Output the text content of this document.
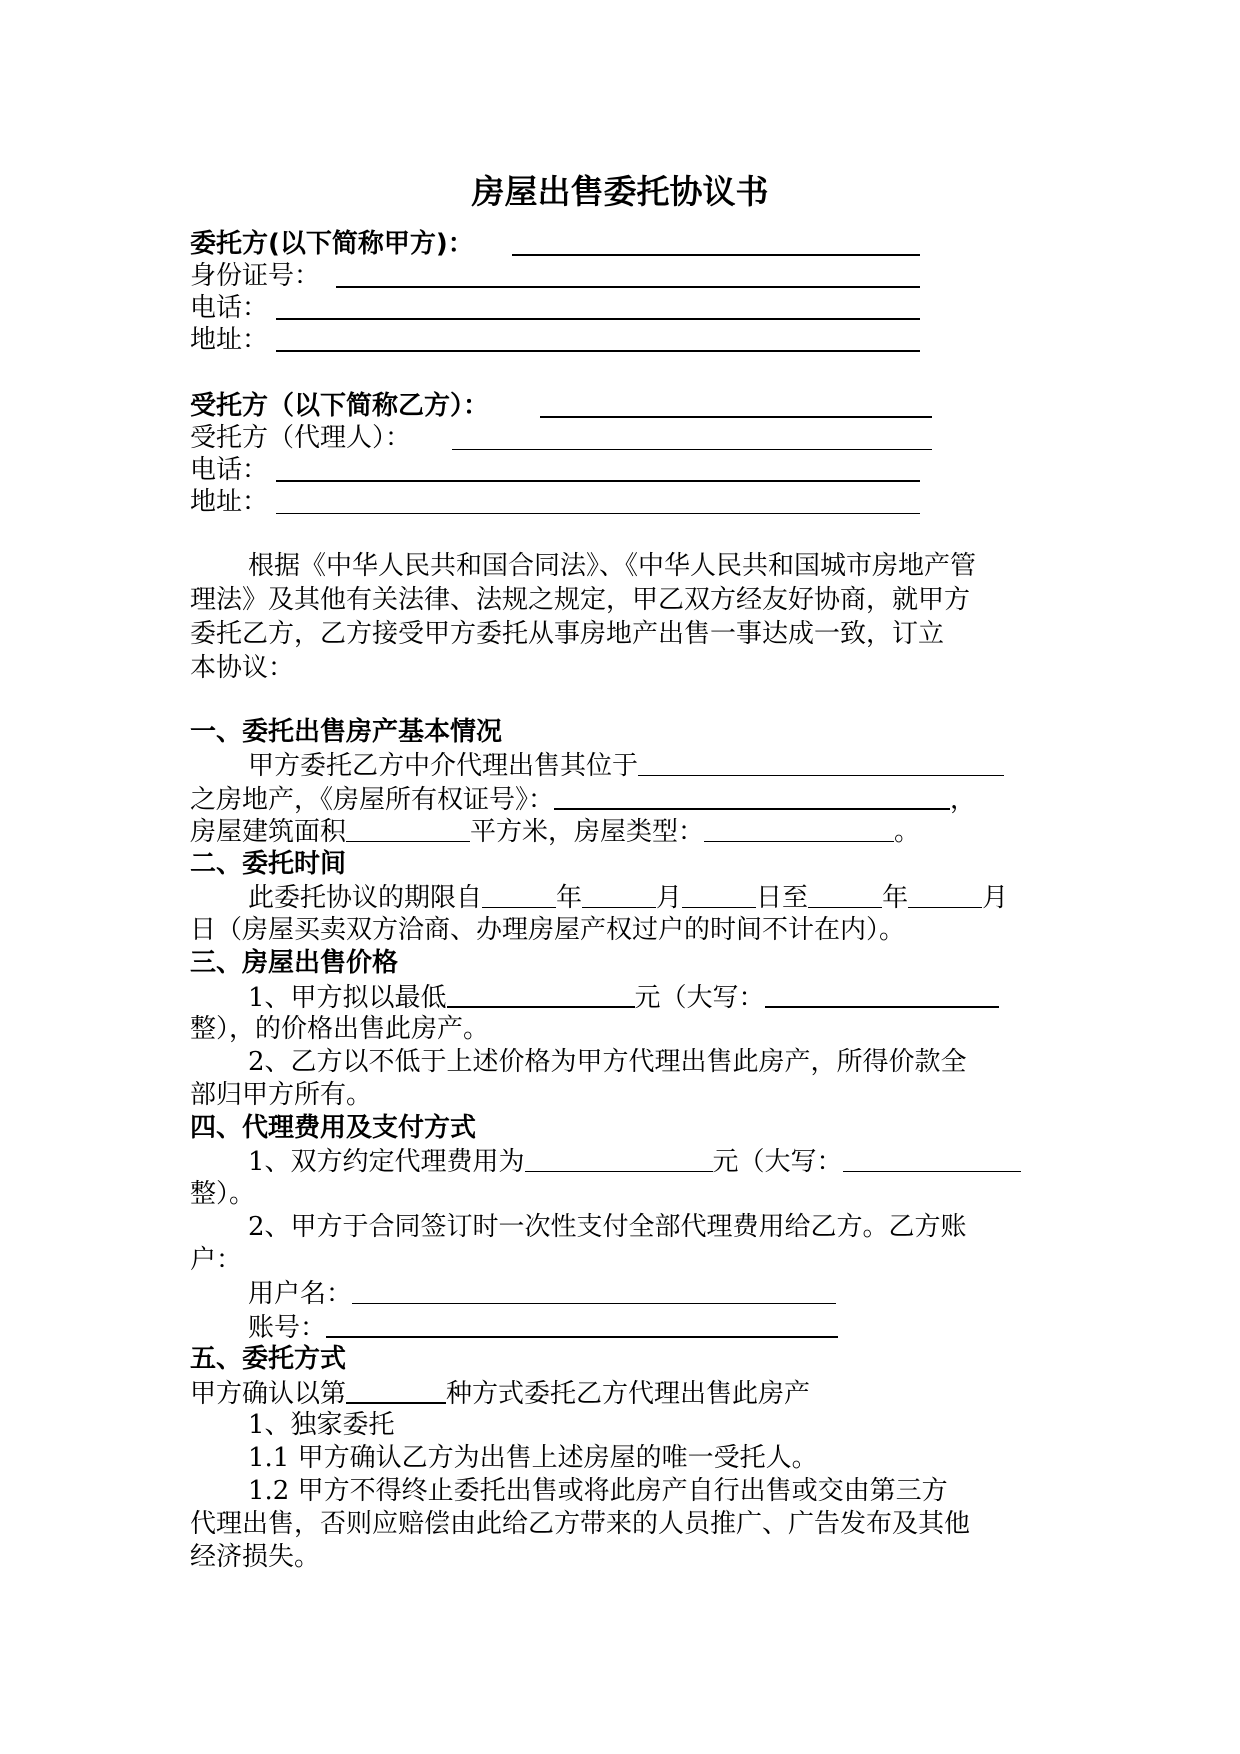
房屋出售委托协议书
委托方(以下简称甲方)：
身份证号：
电话：
地址：
受托方（以下简称乙方）：
受托方（代理人）：
电话：
地址：
根据《中华人民共和国合同法》、《中华人民共和国城市房地产管
理法》及其他有关法律、法规之规定，甲乙双方经友好协商，就甲方
委托乙方，乙方接受甲方委托从事房地产出售一事达成一致，订立
本协议：
一、委托出售房产基本情况
甲方委托乙方中介代理出售其位于
之房地产，《房屋所有权证号》：	，
房屋建筑面积	平方米，房屋类型：	。
二、委托时间
此委托协议的期限自	年	月	日至	年	月
日（房屋买卖双方洽商、办理房屋产权过户的时间不计在内）。
三、房屋出售价格
1、甲方拟以最低	元（大写：
整），的价格出售此房产。
2、乙方以不低于上述价格为甲方代理出售此房产，所得价款全
部归甲方所有。
四、代理费用及支付方式
1、双方约定代理费用为	元（大写：
整）。
2、甲方于合同签订时一次性支付全部代理费用给乙方。乙方账
户：
用户名：
账号：
五、委托方式
甲方确认以第	种方式委托乙方代理出售此房产
1、独家委托
1.1 甲方确认乙方为出售上述房屋的唯一受托人。
1.2 甲方不得终止委托出售或将此房产自行出售或交由第三方
代理出售，否则应赔偿由此给乙方带来的人员推广、广告发布及其他
经济损失。
